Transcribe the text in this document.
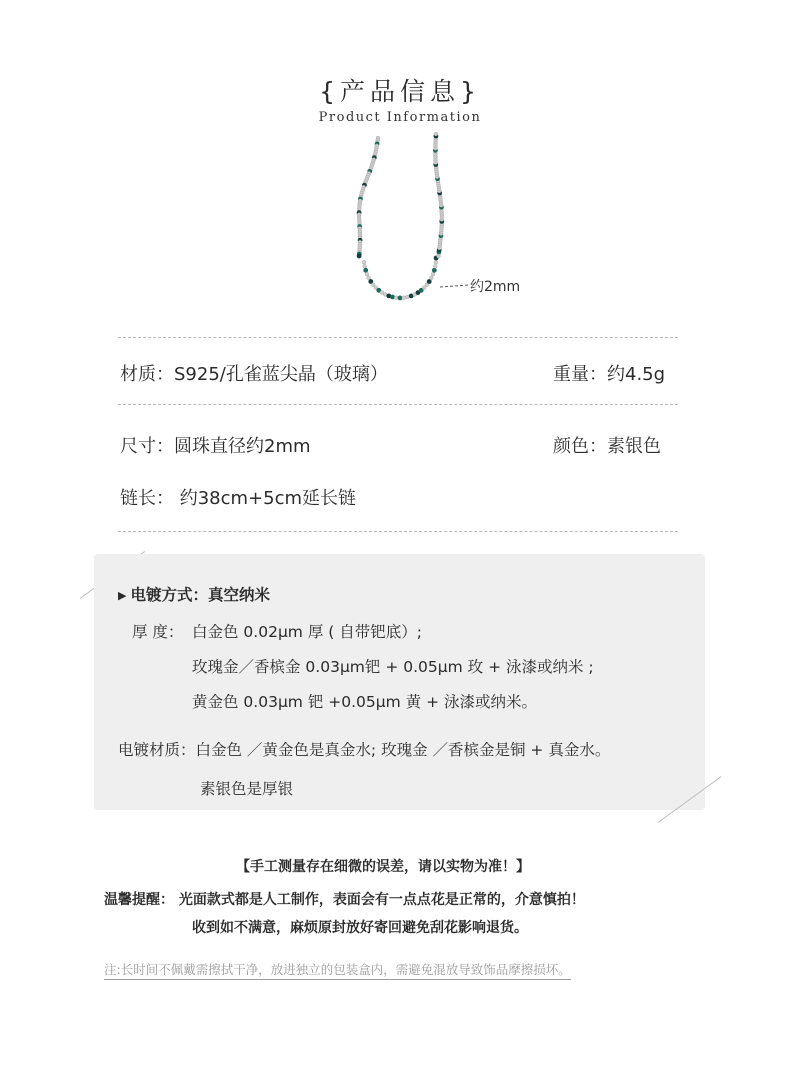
{产品信息}
Product Information
约2mm
材质：S925/孔雀蓝尖晶（玻璃）	重量：约4.5g
尺寸：圆珠直径约2mm	颜色：素银色
链长： 约38cm+5cm延长链
▶ 电镀方式：真空纳米
厚 度： 白金色 0.02μm 厚 ( 自带钯底）;
玫瑰金／香槟金 0.03μm钯 + 0.05μm 玫 + 泳漆或纳米 ;
黄金色 0.03μm 钯 +0.05μm 黄 + 泳漆或纳米。
电镀材质：白金色 ／黄金色是真金水; 玫瑰金 ／香槟金是铜 + 真金水。
素银色是厚银
【手工测量存在细微的误差，请以实物为准！】
温馨提醒： 光面款式都是人工制作，表面会有一点点花是正常的，介意慎拍！
收到如不满意，麻烦原封放好寄回避免刮花影响退货。
注:长时间不佩戴需擦拭干净，放进独立的包装盒内，需避免混放导致饰品摩擦损坏。
